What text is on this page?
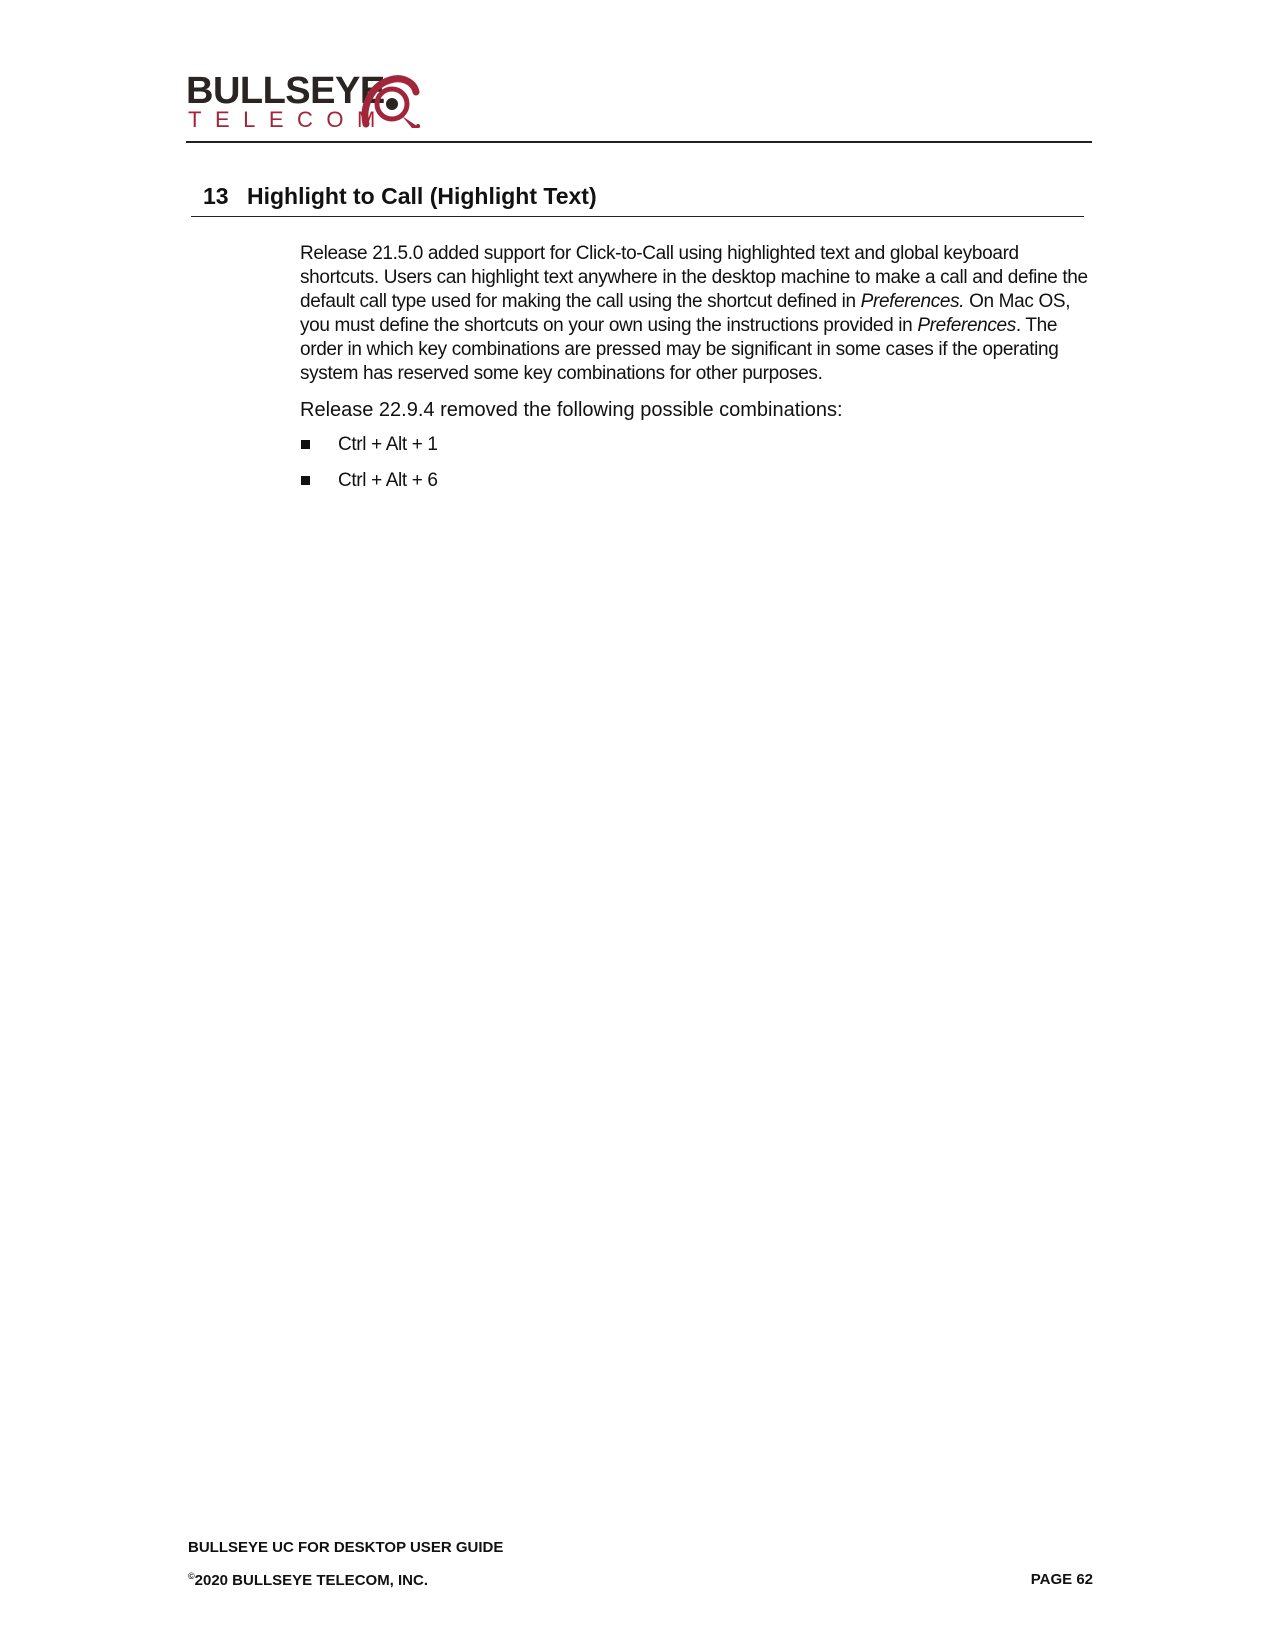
BULLSEYE
TELECOM
13 Highlight to Call (Highlight Text)

Release 21.5.0 added support for Click-to-Call using highlighted text and global keyboard shortcuts. Users can highlight text anywhere in the desktop machine to make a call and define the default call type used for making the call using the shortcut defined in Preferences. On Mac OS, you must define the shortcuts on your own using the instructions provided in Preferences. The order in which key combinations are pressed may be significant in some cases if the operating system has reserved some key combinations for other purposes.

Release 22.9.4 removed the following possible combinations:

Ctrl + Alt + 1
Ctrl + Alt + 6
BULLSEYE UC FOR DESKTOP USER GUIDE
©2020 BULLSEYE TELECOM, INC.	PAGE 62
